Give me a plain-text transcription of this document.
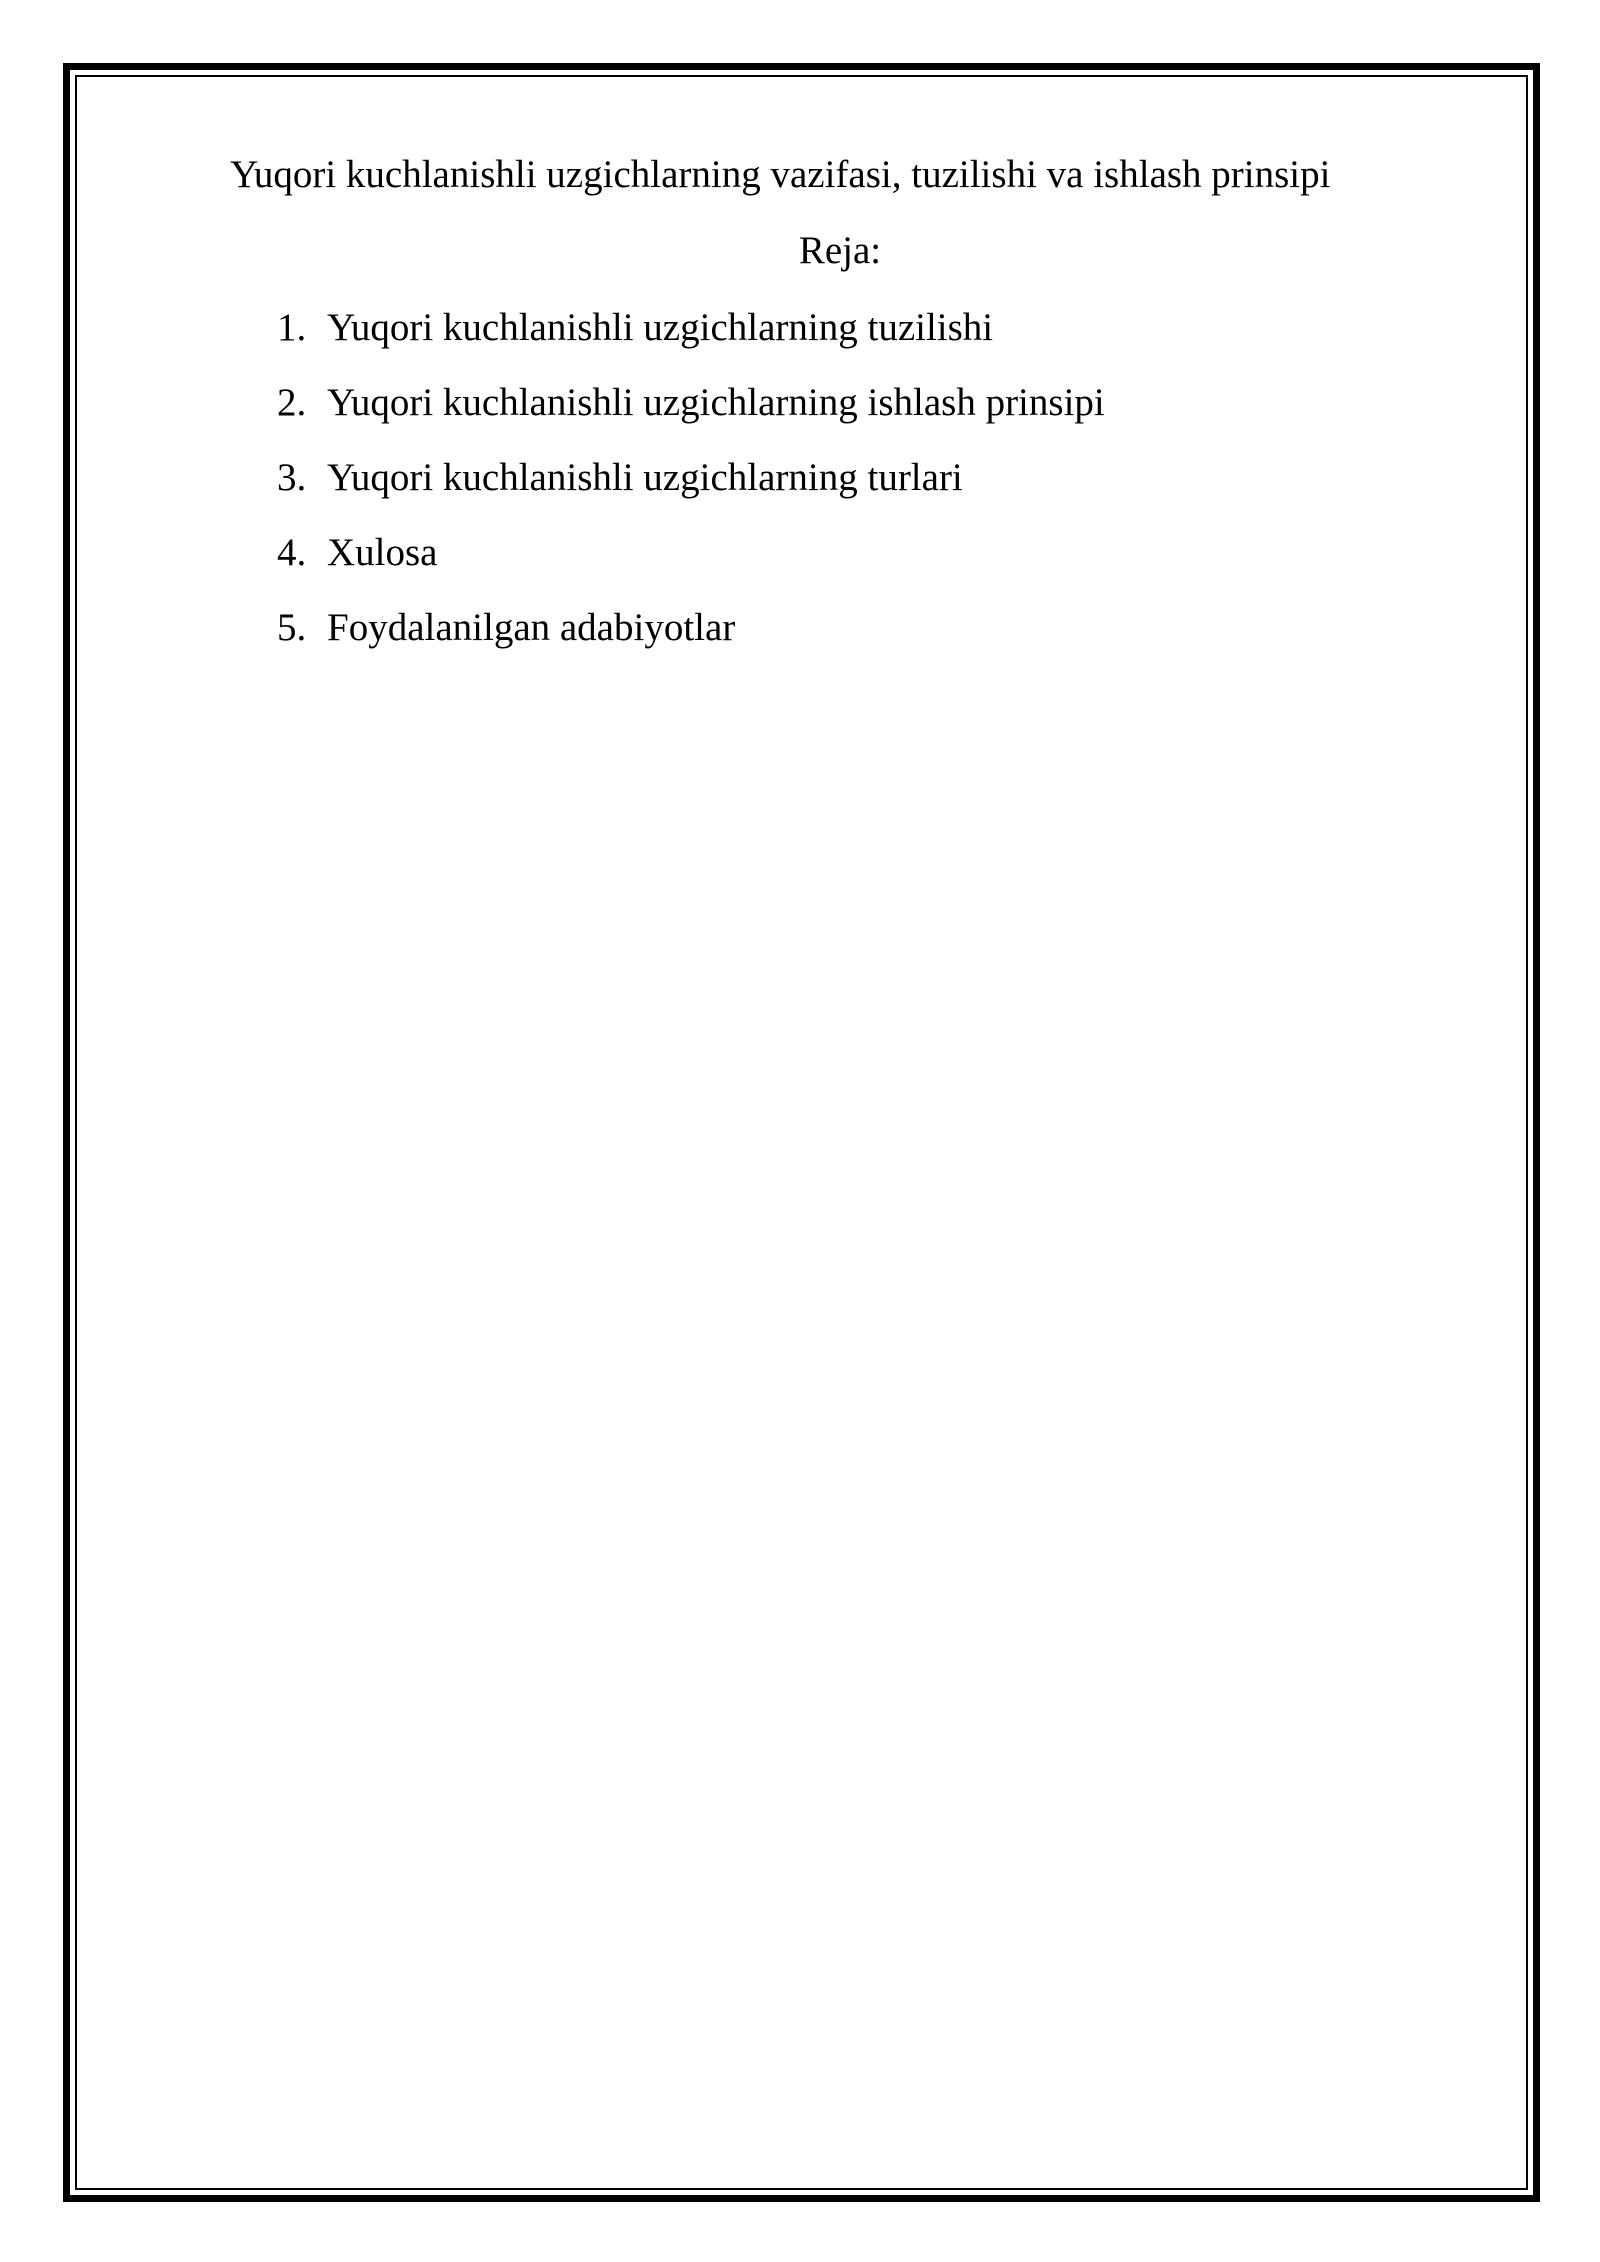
Yuqori kuchlanishli uzgichlarning vazifasi, tuzilishi va ishlash prinsipi

Reja:

1. Yuqori kuchlanishli uzgichlarning tuzilishi
2. Yuqori kuchlanishli uzgichlarning ishlash prinsipi
3. Yuqori kuchlanishli uzgichlarning turlari
4. Xulosa
5. Foydalanilgan adabiyotlar
